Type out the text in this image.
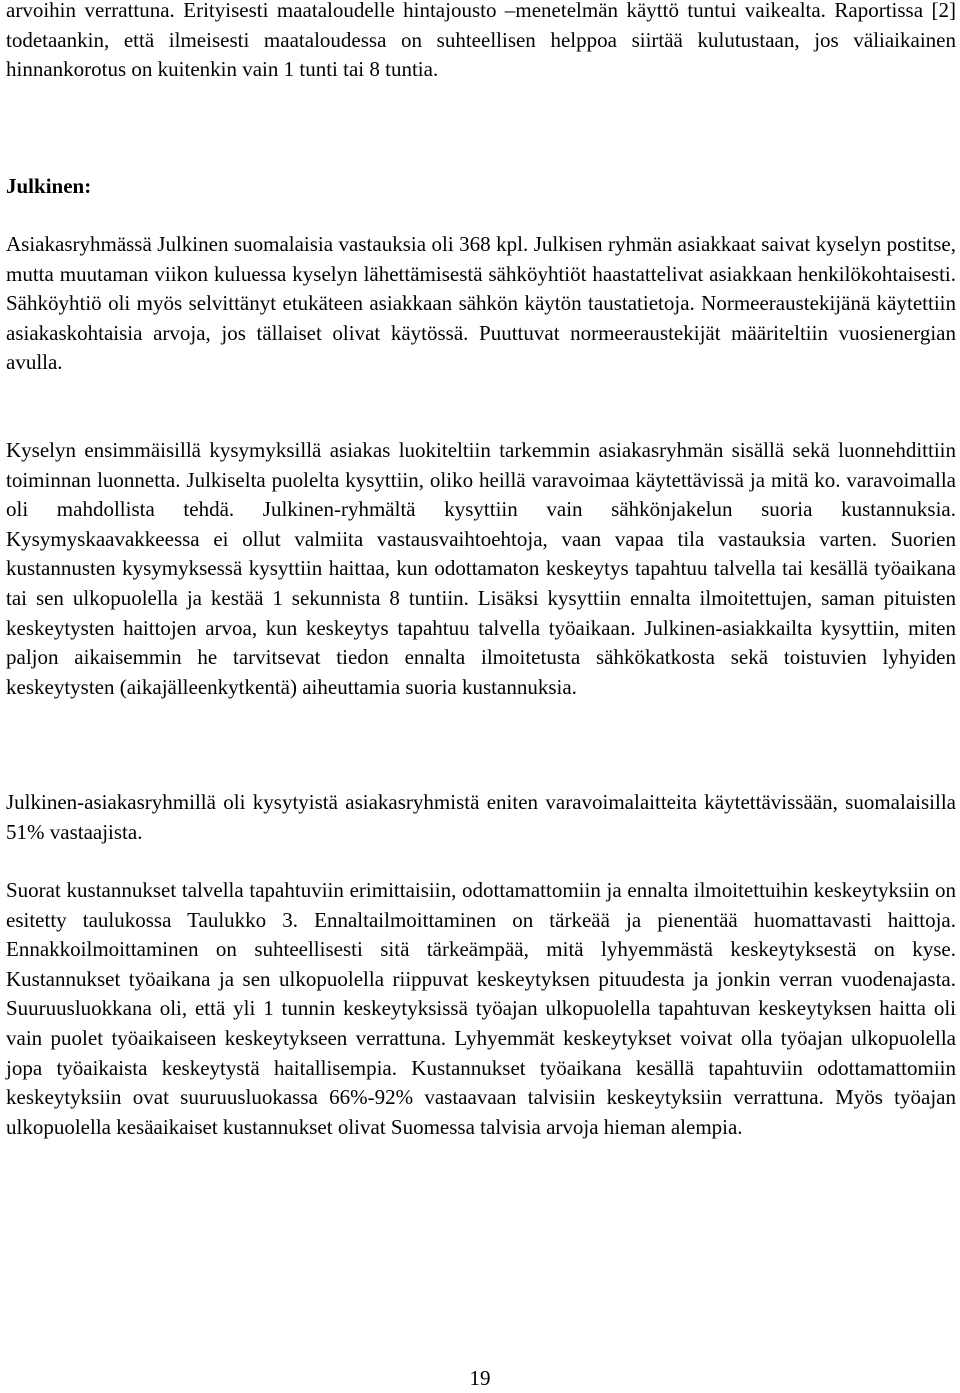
arvoihin verrattuna. Erityisesti maataloudelle hintajousto –menetelmän käyttö tuntui vaikealta. Raportissa [2] todetaankin, että ilmeisesti maataloudessa on suhteellisen helppoa siirtää kulutustaan, jos väliaikainen hinnankorotus on kuitenkin vain 1 tunti tai 8 tuntia.

Julkinen:

Asiakasryhmässä Julkinen suomalaisia vastauksia oli 368 kpl. Julkisen ryhmän asiakkaat saivat kyselyn postitse, mutta muutaman viikon kuluessa kyselyn lähettämisestä sähköyhtiöt haastattelivat asiakkaan henkilökohtaisesti. Sähköyhtiö oli myös selvittänyt etukäteen asiakkaan sähkön käytön taustatietoja. Normeeraustekijänä käytettiin asiakaskohtaisia arvoja, jos tällaiset olivat käytössä. Puuttuvat normeeraustekijät määriteltiin vuosienergian avulla.

Kyselyn ensimmäisillä kysymyksillä asiakas luokiteltiin tarkemmin asiakasryhmän sisällä sekä luonnehdittiin toiminnan luonnetta. Julkiselta puolelta kysyttiin, oliko heillä varavoimaa käytettävissä ja mitä ko. varavoimalla oli mahdollista tehdä. Julkinen-ryhmältä kysyttiin vain sähkönjakelun suoria kustannuksia. Kysymyskaavakkeessa ei ollut valmiita vastausvaihtoehtoja, vaan vapaa tila vastauksia varten. Suorien kustannusten kysymyksessä kysyttiin haittaa, kun odottamaton keskeytys tapahtuu talvella tai kesällä työaikana tai sen ulkopuolella ja kestää 1 sekunnista 8 tuntiin. Lisäksi kysyttiin ennalta ilmoitettujen, saman pituisten keskeytysten haittojen arvoa, kun keskeytys tapahtuu talvella työaikaan. Julkinen-asiakkailta kysyttiin, miten paljon aikaisemmin he tarvitsevat tiedon ennalta ilmoitetusta sähkökatkosta sekä toistuvien lyhyiden keskeytysten (aikajälleenkytkentä) aiheuttamia suoria kustannuksia.

Julkinen-asiakasryhmillä oli kysytyistä asiakasryhmistä eniten varavoimalaitteita käytettävissään, suomalaisilla 51% vastaajista.

Suorat kustannukset talvella tapahtuviin erimittaisiin, odottamattomiin ja ennalta ilmoitettuihin keskeytyksiin on esitetty taulukossa Taulukko 3. Ennaltailmoittaminen on tärkeää ja pienentää huomattavasti haittoja. Ennakkoilmoittaminen on suhteellisesti sitä tärkeämpää, mitä lyhyemmästä keskeytyksestä on kyse. Kustannukset työaikana ja sen ulkopuolella riippuvat keskeytyksen pituudesta ja jonkin verran vuodenajasta. Suuruusluokkana oli, että yli 1 tunnin keskeytyksissä työajan ulkopuolella tapahtuvan keskeytyksen haitta oli vain puolet työaikaiseen keskeytykseen verrattuna. Lyhyemmät keskeytykset voivat olla työajan ulkopuolella jopa työaikaista keskeytystä haitallisempia. Kustannukset työaikana kesällä tapahtuviin odottamattomiin keskeytyksiin ovat suuruusluokassa 66%-92% vastaavaan talvisiin keskeytyksiin verrattuna. Myös työajan ulkopuolella kesäaikaiset kustannukset olivat Suomessa talvisia arvoja hieman alempia.

19
